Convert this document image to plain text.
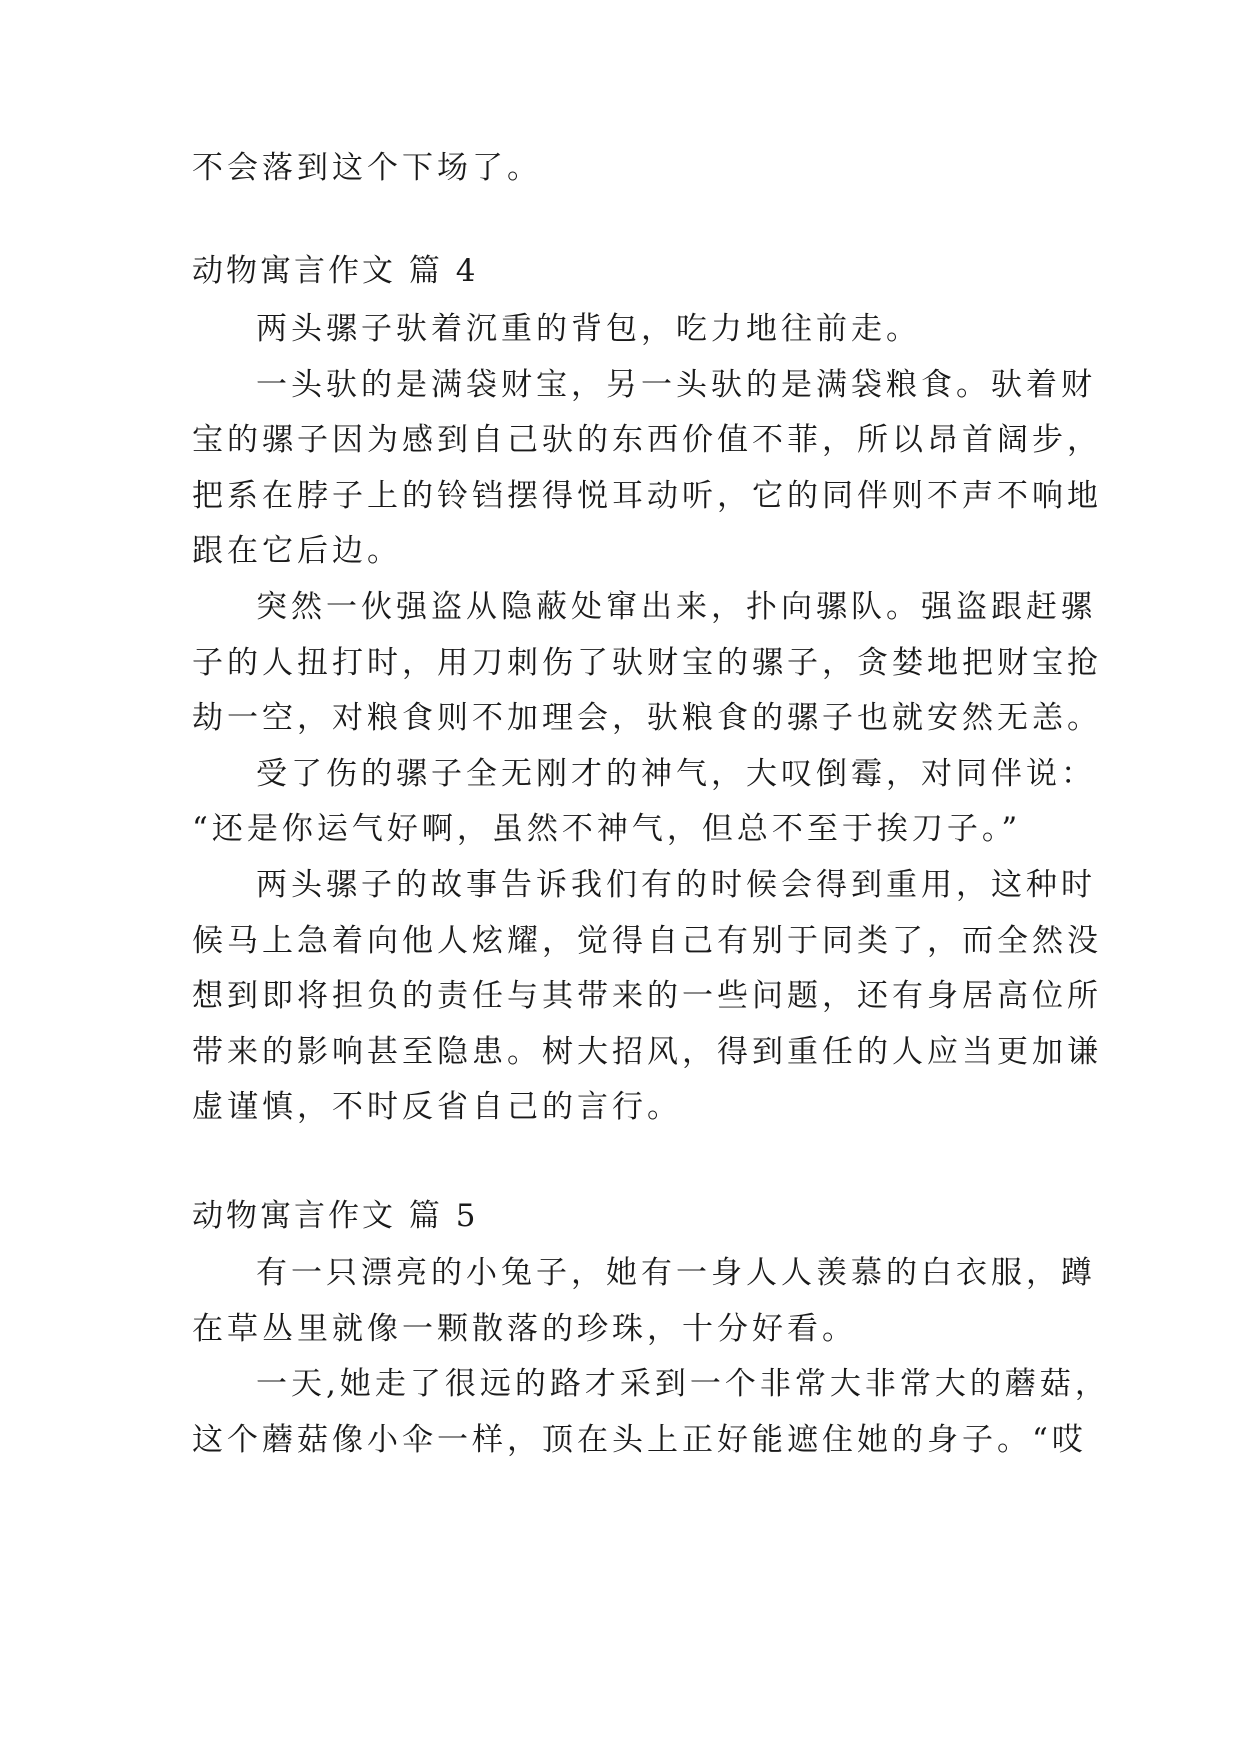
不会落到这个下场了。
动物寓言作文 篇 4
两头骡子驮着沉重的背包，吃力地往前走。
一头驮的是满袋财宝，另一头驮的是满袋粮食。驮着财
宝的骡子因为感到自己驮的东西价值不菲，所以昂首阔步，
把系在脖子上的铃铛摆得悦耳动听，它的同伴则不声不响地
跟在它后边。
突然一伙强盗从隐蔽处窜出来，扑向骡队。强盗跟赶骡
子的人扭打时，用刀刺伤了驮财宝的骡子，贪婪地把财宝抢
劫一空，对粮食则不加理会，驮粮食的骡子也就安然无恙。
受了伤的骡子全无刚才的神气，大叹倒霉，对同伴说：
“还是你运气好啊，虽然不神气，但总不至于挨刀子。”
两头骡子的故事告诉我们有的时候会得到重用，这种时
候马上急着向他人炫耀，觉得自己有别于同类了，而全然没
想到即将担负的责任与其带来的一些问题，还有身居高位所
带来的影响甚至隐患。树大招风，得到重任的人应当更加谦
虚谨慎，不时反省自己的言行。
动物寓言作文 篇 5
有一只漂亮的小兔子，她有一身人人羡慕的白衣服，蹲
在草丛里就像一颗散落的珍珠，十分好看。
一天,她走了很远的路才采到一个非常大非常大的蘑菇，
这个蘑菇像小伞一样，顶在头上正好能遮住她的身子。“哎
